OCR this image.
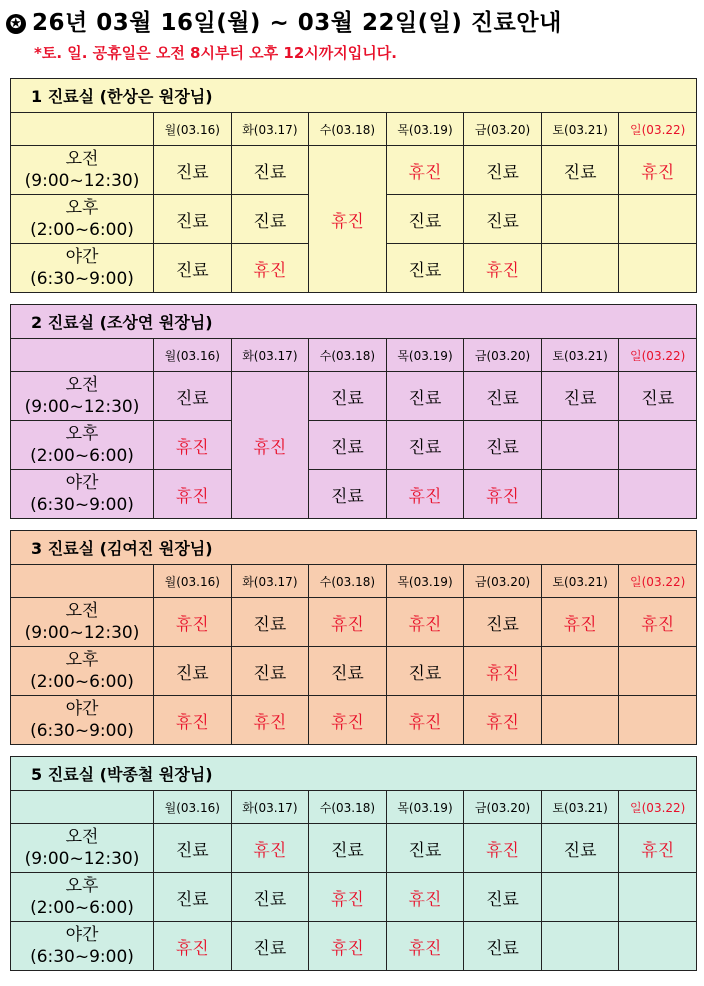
✪ 26년 03월 16일(월) ~ 03월 22일(일) 진료안내
*토. 일. 공휴일은 오전 8시부터 오후 12시까지입니다.
1 진료실 (한상은 원장님)							
	월(03.16)	화(03.17)	수(03.18)	목(03.19)	금(03.20)	토(03.21)	일(03.22)

오전
(9:00~12:30)	진료	진료	휴진	휴진	진료	진료	휴진

오후
(2:00~6:00)	진료	진료		진료	진료		

야간
(6:30~9:00)	진료	휴진		진료	휴진		
2 진료실 (조상연 원장님)							
	월(03.16)	화(03.17)	수(03.18)	목(03.19)	금(03.20)	토(03.21)	일(03.22)

오전
(9:00~12:30)	진료	휴진	진료	진료	진료	진료	진료

오후
(2:00~6:00)	휴진		진료	진료	진료		

야간
(6:30~9:00)	휴진		진료	휴진	휴진		
3 진료실 (김여진 원장님)							
	월(03.16)	화(03.17)	수(03.18)	목(03.19)	금(03.20)	토(03.21)	일(03.22)

오전
(9:00~12:30)	휴진	진료	휴진	휴진	진료	휴진	휴진

오후
(2:00~6:00)	진료	진료	진료	진료	휴진		

야간
(6:30~9:00)	휴진	휴진	휴진	휴진	휴진		
5 진료실 (박종철 원장님)							
	월(03.16)	화(03.17)	수(03.18)	목(03.19)	금(03.20)	토(03.21)	일(03.22)

오전
(9:00~12:30)	진료	휴진	진료	진료	휴진	진료	휴진

오후
(2:00~6:00)	진료	진료	휴진	휴진	진료		

야간
(6:30~9:00)	휴진	진료	휴진	휴진	진료		
